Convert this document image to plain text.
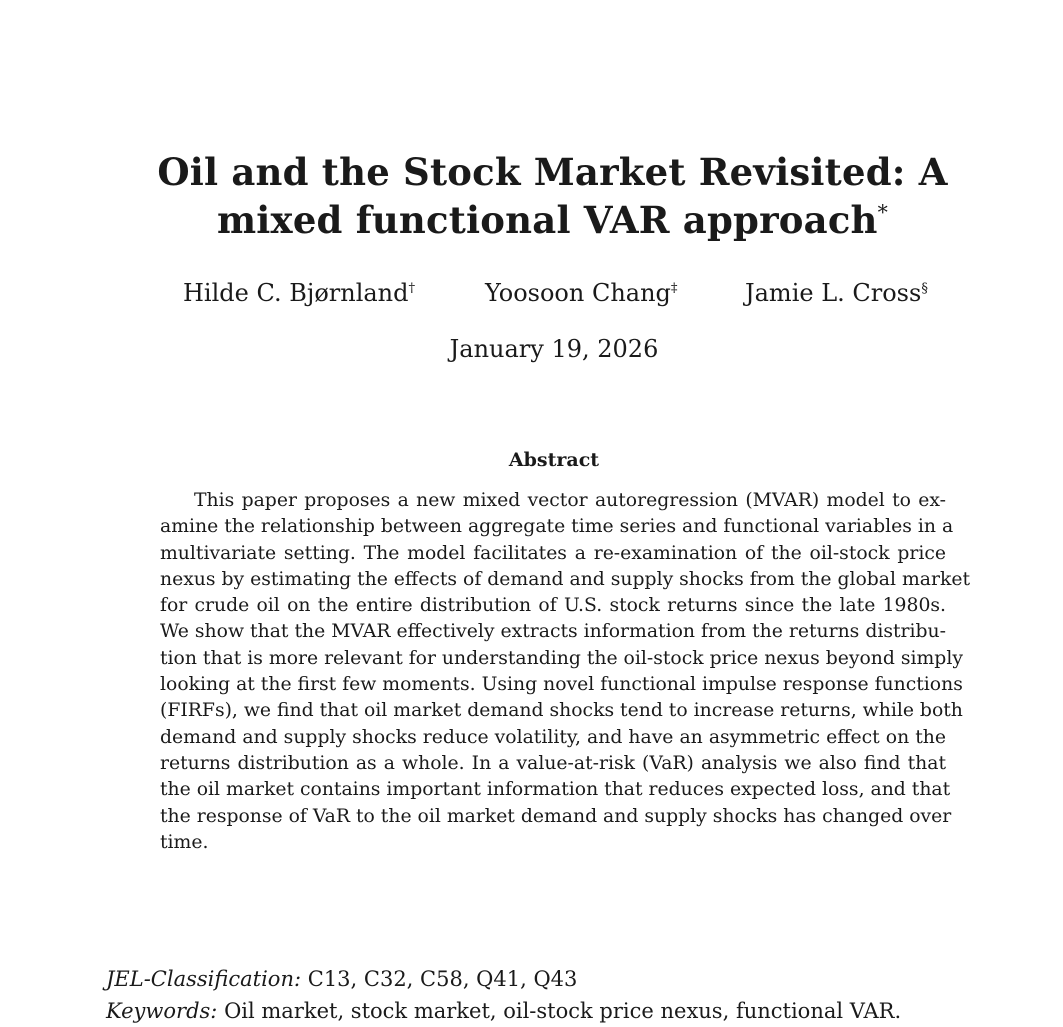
Oil and the Stock Market Revisited: A
mixed functional VAR approach*
Hilde C. Bjørnland†	Yoosoon Chang‡	Jamie L. Cross§
January 19, 2026
Abstract
This paper proposes a new mixed vector autoregression (MVAR) model to ex-
amine the relationship between aggregate time series and functional variables in a
multivariate setting. The model facilitates a re-examination of the oil-stock price
nexus by estimating the effects of demand and supply shocks from the global market
for crude oil on the entire distribution of U.S. stock returns since the late 1980s.
We show that the MVAR effectively extracts information from the returns distribu-
tion that is more relevant for understanding the oil-stock price nexus beyond simply
looking at the first few moments. Using novel functional impulse response functions
(FIRFs), we find that oil market demand shocks tend to increase returns, while both
demand and supply shocks reduce volatility, and have an asymmetric effect on the
returns distribution as a whole. In a value-at-risk (VaR) analysis we also find that
the oil market contains important information that reduces expected loss, and that
the response of VaR to the oil market demand and supply shocks has changed over
time.
JEL-Classification: C13, C32, C58, Q41, Q43
Keywords: Oil market, stock market, oil-stock price nexus, functional VAR.
